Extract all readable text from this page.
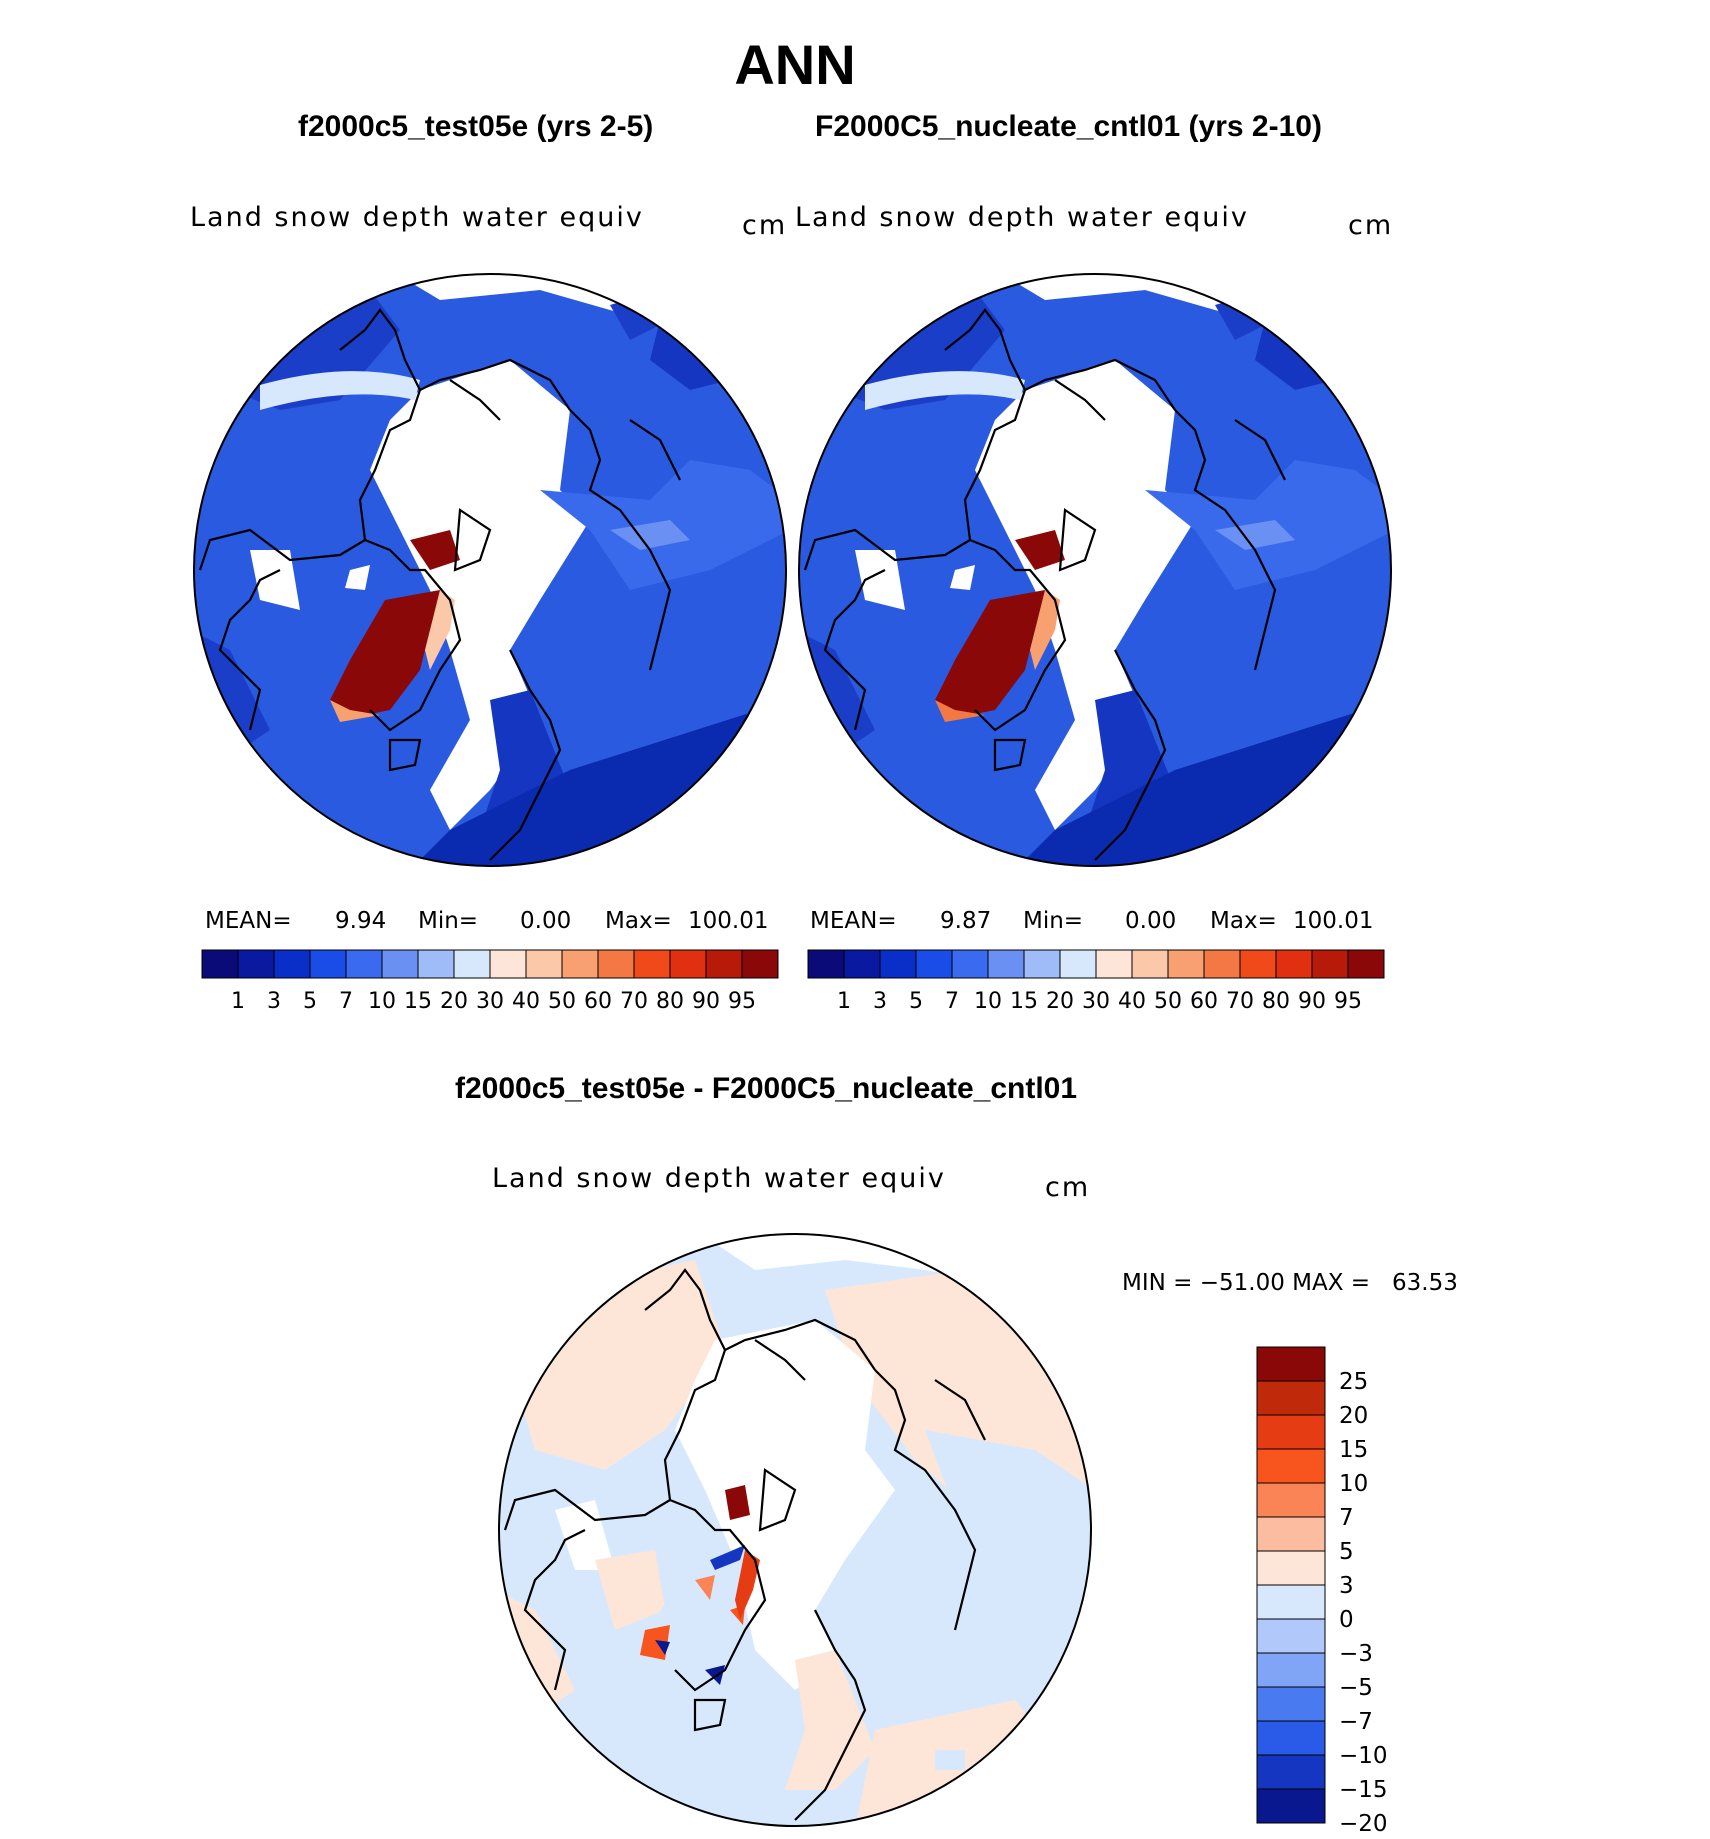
ANN
f2000c5_test05e (yrs 2-5)	F2000C5_nucleate_cntl01 (yrs 2-10)
Land snow depth water equiv	cm Land snow depth water equiv	cm
MEAN= 9.94 Min= 0.00 Max= 100.01 MEAN= 9.87 Min= 0.00 Max= 100.01
1 3 5 7 10 15 20 30 40 50 60 70 80 90 95	1 3 5 7 10 15 20 30 40 50 60 70 80 90 95
f2000c5_test05e - F2000C5_nucleate_cntl01
Land snow depth water equiv	cm
MIN = −51.00 MAX =   63.53
25
20
15
10
7
5
3
0
−3
−5
−7
−10
−15
−20
